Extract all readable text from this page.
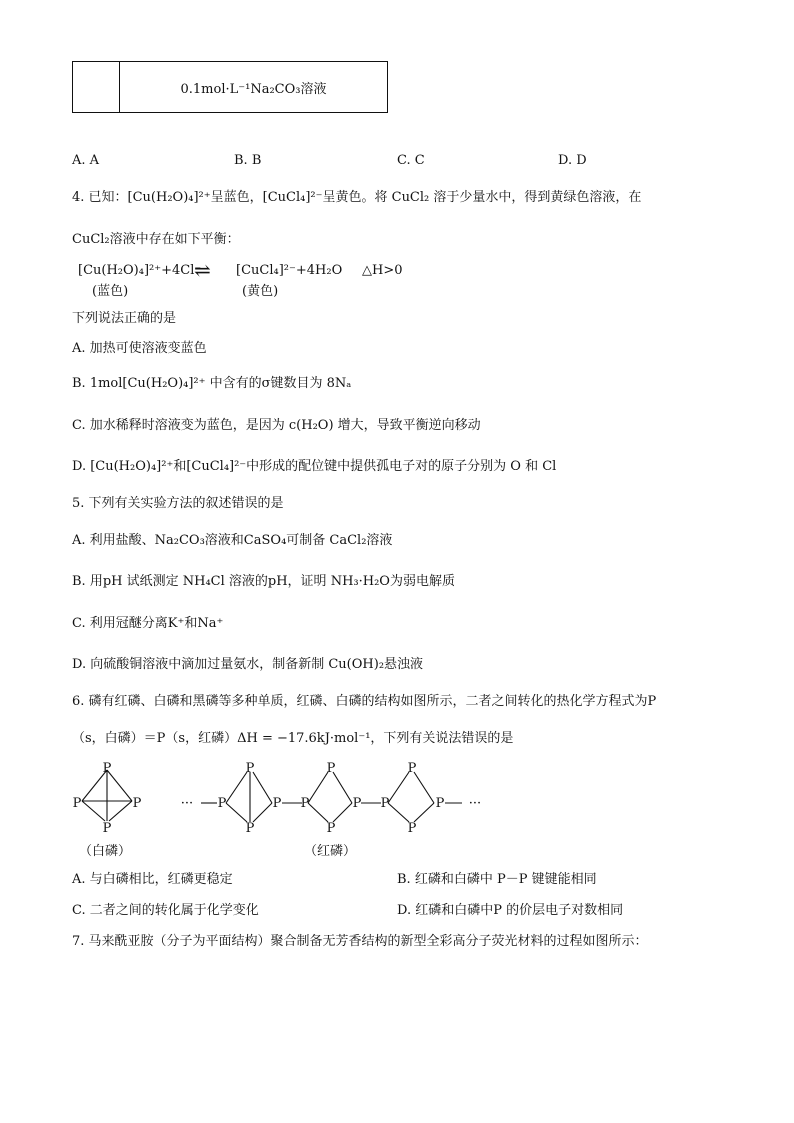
0.1mol·L⁻¹Na₂CO₃溶液
A. A	B. B	C. C	D. D
4. 已知：[Cu(H₂O)₄]²⁺呈蓝色，[CuCl₄]²⁻呈黄色。将 CuCl₂ 溶于少量水中，得到黄绿色溶液，在
CuCl₂溶液中存在如下平衡：
[Cu(H₂O)₄]²⁺+4Cl⁻
⇌ [CuCl₄]²⁻+4H₂O △H>0
(蓝色)	(黄色)
下列说法正确的是
A. 加热可使溶液变蓝色
B. 1mol[Cu(H₂O)₄]²⁺ 中含有的σ键数目为 8Nₐ
C. 加水稀释时溶液变为蓝色，是因为 c(H₂O) 增大，导致平衡逆向移动
D. [Cu(H₂O)₄]²⁺和[CuCl₄]²⁻中形成的配位键中提供孤电子对的原子分别为 O 和 Cl
5. 下列有关实验方法的叙述错误的是
A. 利用盐酸、Na₂CO₃溶液和CaSO₄可制备 CaCl₂溶液
B. 用pH 试纸测定 NH₄Cl 溶液的pH，证明 NH₃·H₂O为弱电解质
C. 利用冠醚分离K⁺和Na⁺
D. 向硫酸铜溶液中滴加过量氨水，制备新制 Cu(OH)₂悬浊液
6. 磷有红磷、白磷和黑磷等多种单质，红磷、白磷的结构如图所示，二者之间转化的热化学方程式为P
（s，白磷）＝P（s，红磷）ΔH = −17.6kJ·mol⁻¹，下列有关说法错误的是
P
P	P
P
··· P
P
P
P P
P
P
P P
P
P
P ···
（白磷）	（红磷）
A. 与白磷相比，红磷更稳定	B. 红磷和白磷中 P－P 键键能相同
C. 二者之间的转化属于化学变化	D. 红磷和白磷中P 的价层电子对数相同
7. 马来酰亚胺（分子为平面结构）聚合制备无芳香结构的新型全彩高分子荧光材料的过程如图所示：
